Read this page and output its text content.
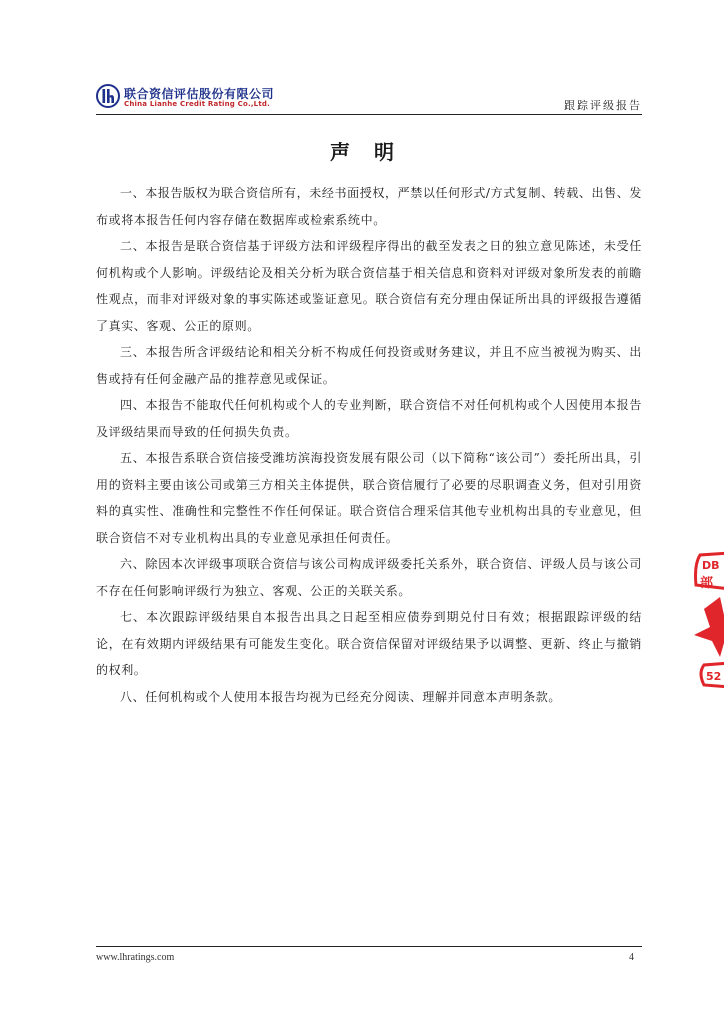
联合资信评估股份有限公司
China Lianhe Credit Rating Co.,Ltd.	跟踪评级报告
声明

一、本报告版权为联合资信所有，未经书面授权，严禁以任何形式/方式复制、转载、出售、发布或将本报告任何内容存储在数据库或检索系统中。

二、本报告是联合资信基于评级方法和评级程序得出的截至发表之日的独立意见陈述，未受任何机构或个人影响。评级结论及相关分析为联合资信基于相关信息和资料对评级对象所发表的前瞻性观点，而非对评级对象的事实陈述或鉴证意见。联合资信有充分理由保证所出具的评级报告遵循了真实、客观、公正的原则。

三、本报告所含评级结论和相关分析不构成任何投资或财务建议，并且不应当被视为购买、出售或持有任何金融产品的推荐意见或保证。

四、本报告不能取代任何机构或个人的专业判断，联合资信不对任何机构或个人因使用本报告及评级结果而导致的任何损失负责。

五、本报告系联合资信接受潍坊滨海投资发展有限公司（以下简称“该公司”）委托所出具，引用的资料主要由该公司或第三方相关主体提供，联合资信履行了必要的尽职调查义务，但对引用资料的真实性、准确性和完整性不作任何保证。联合资信合理采信其他专业机构出具的专业意见，但联合资信不对专业机构出具的专业意见承担任何责任。

六、除因本次评级事项联合资信与该公司构成评级委托关系外，联合资信、评级人员与该公司不存在任何影响评级行为独立、客观、公正的关联关系。

七、本次跟踪评级结果自本报告出具之日起至相应债券到期兑付日有效；根据跟踪评级的结论，在有效期内评级结果有可能发生变化。联合资信保留对评级结果予以调整、更新、终止与撤销的权利。

八、任何机构或个人使用本报告均视为已经充分阅读、理解并同意本声明条款。

DB
部
52
www.lhratings.com	4
